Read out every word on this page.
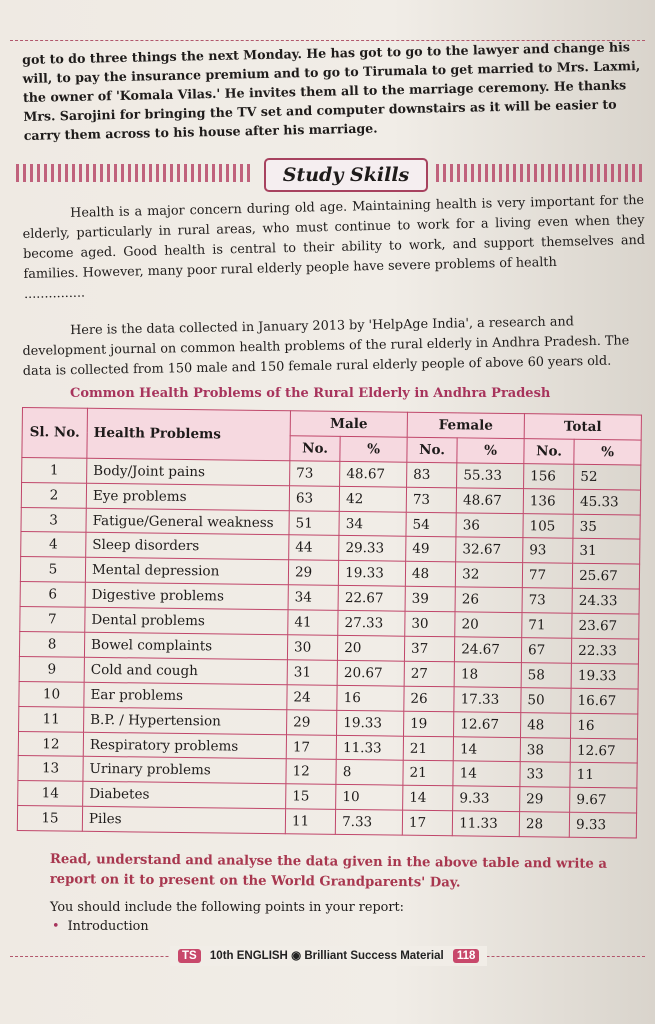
got to do three things the next Monday. He has got to go to the lawyer and change his will, to pay the insurance premium and to go to Tirumala to get married to Mrs. Laxmi, the owner of 'Komala Vilas.' He invites them all to the marriage ceremony. He thanks Mrs. Sarojini for bringing the TV set and computer downstairs as it will be easier to carry them across to his house after his marriage.
Study Skills
Health is a major concern during old age. Maintaining health is very important for the elderly, particularly in rural areas, who must continue to work for a living even when they become aged. Good health is central to their ability to work, and support themselves and families. However, many poor rural elderly people have severe problems of health
...............
Here is the data collected in January 2013 by 'HelpAge India', a research and development journal on common health problems of the rural elderly in Andhra Pradesh. The data is collected from 150 male and 150 female rural elderly people of above 60 years old.
Common Health Problems of the Rural Elderly in Andhra Pradesh
Sl. No.	Health Problems	Male		Female		Total	
		No.	%	No.	%	No.	%
1	Body/Joint pains	73	48.67	83	55.33	156	52
2	Eye problems	63	42	73	48.67	136	45.33
3	Fatigue/General weakness	51	34	54	36	105	35
4	Sleep disorders	44	29.33	49	32.67	93	31
5	Mental depression	29	19.33	48	32	77	25.67
6	Digestive problems	34	22.67	39	26	73	24.33
7	Dental problems	41	27.33	30	20	71	23.67
8	Bowel complaints	30	20	37	24.67	67	22.33
9	Cold and cough	31	20.67	27	18	58	19.33
10	Ear problems	24	16	26	17.33	50	16.67
11	B.P. / Hypertension	29	19.33	19	12.67	48	16
12	Respiratory problems	17	11.33	21	14	38	12.67
13	Urinary problems	12	8	21	14	33	11
14	Diabetes	15	10	14	9.33	29	9.67
15	Piles	11	7.33	17	11.33	28	9.33
Read, understand and analyse the data given in the above table and write a report on it to present on the World Grandparents' Day.
You should include the following points in your report:
• Introduction
TS 10th ENGLISH ◉ Brilliant Success Material 118
